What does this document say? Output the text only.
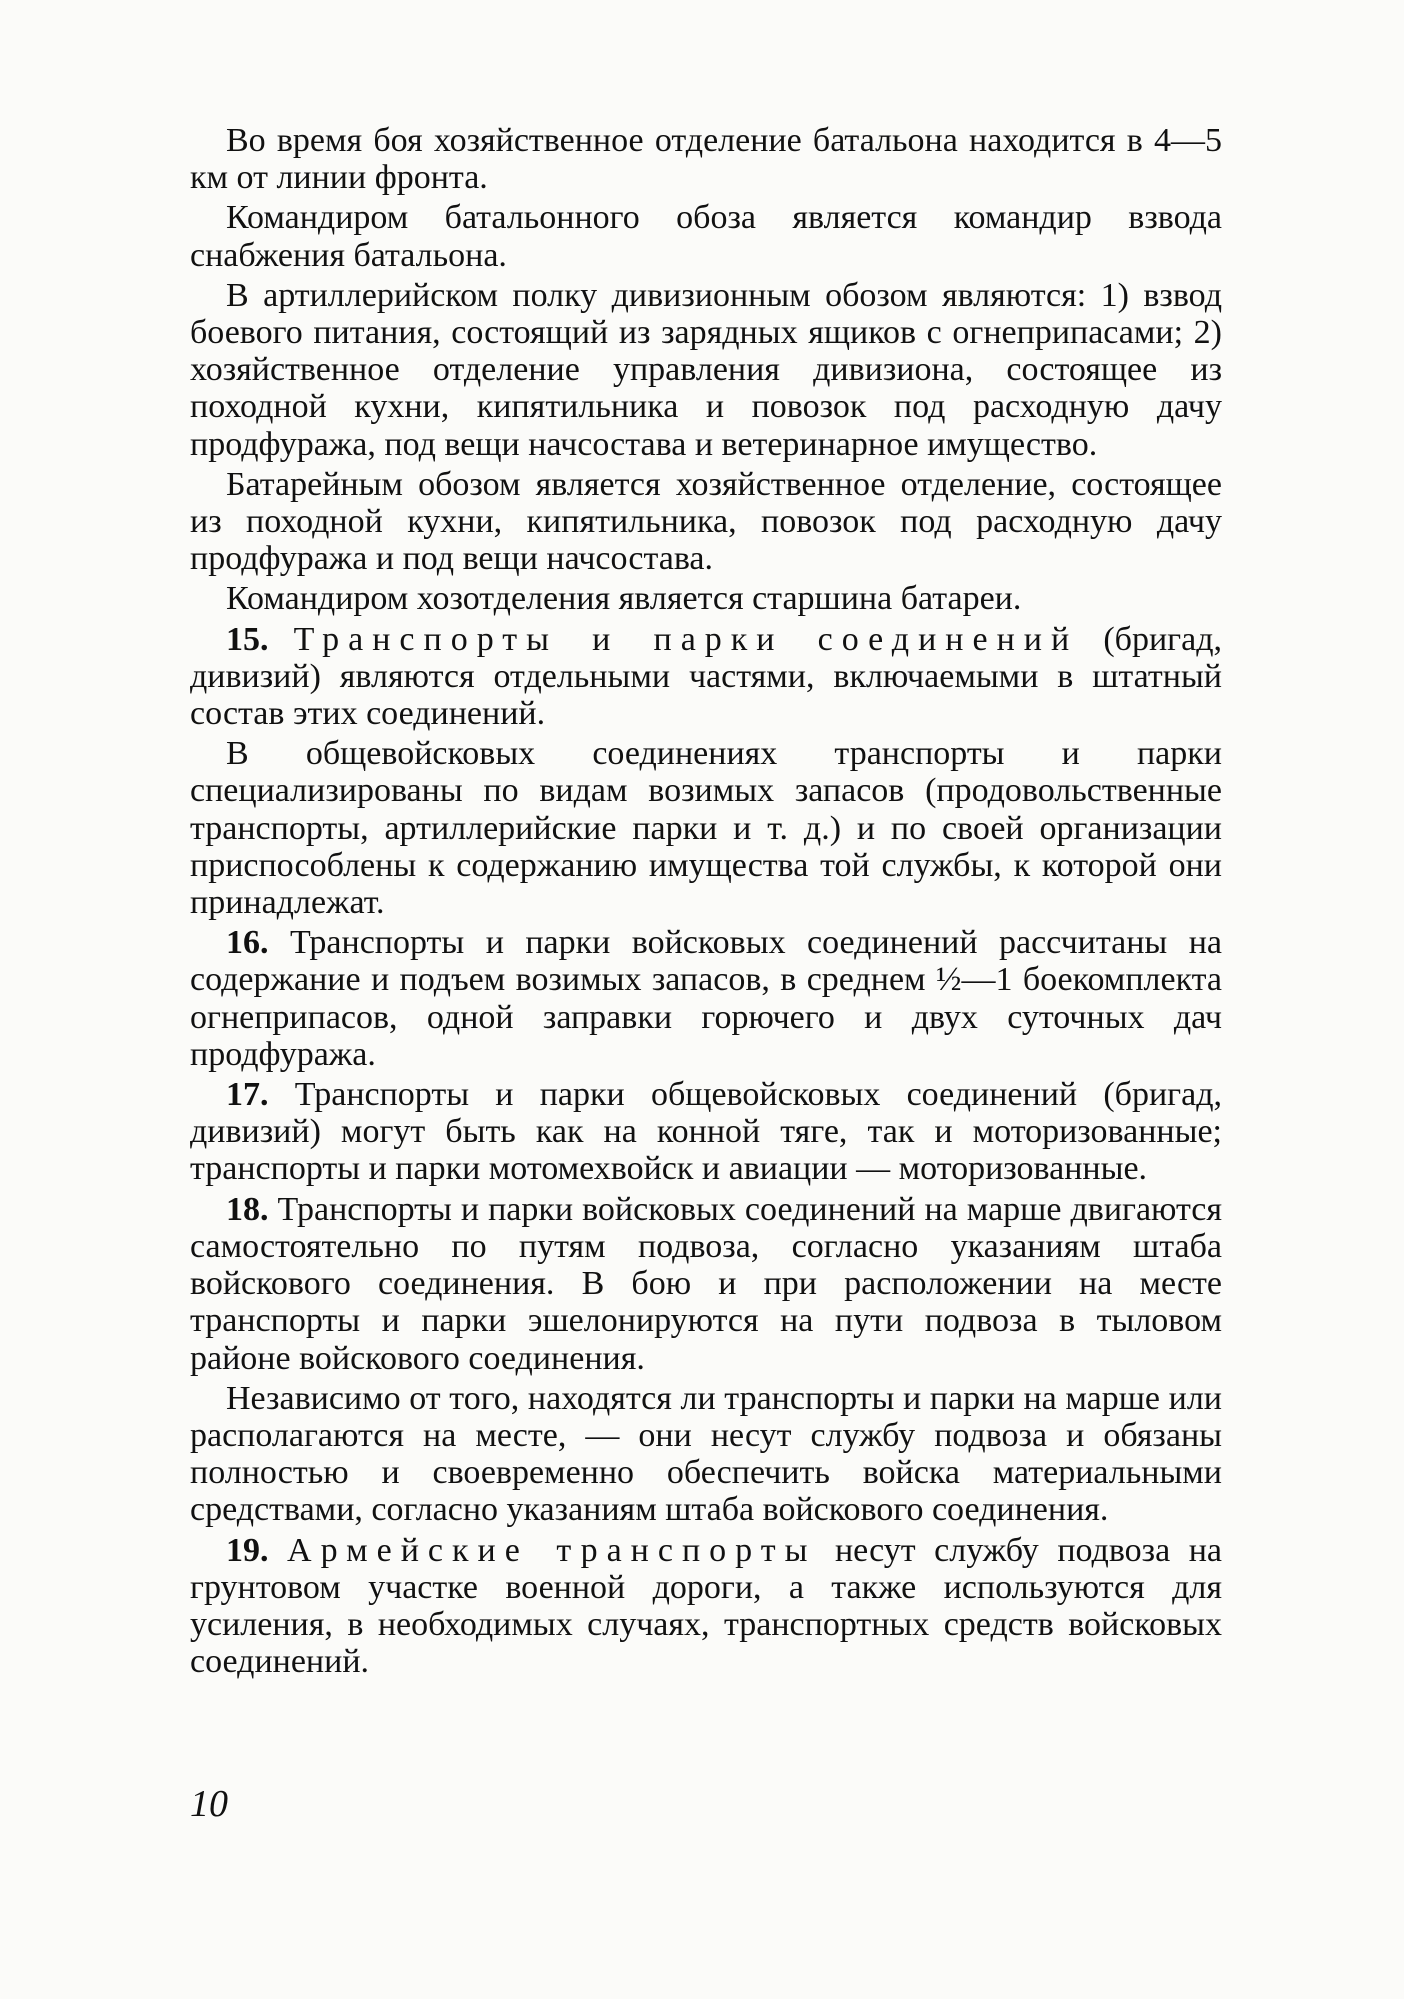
Во время боя хозяйственное отделение батальона находится в 4—5 км от линии фронта.

Командиром батальонного обоза является командир взвода снабжения батальона.

В артиллерийском полку дивизионным обозом являются: 1) взвод боевого питания, состоящий из зарядных ящиков с огнеприпасами; 2) хозяйственное отделение управления дивизиона, состоящее из походной кухни, кипятильника и повозок под расходную дачу продфуража, под вещи начсостава и ветеринарное имущество.

Батарейным обозом является хозяйственное отделение, состоящее из походной кухни, кипятильника, повозок под расходную дачу продфуража и под вещи начсостава.

Командиром хозотделения является старшина батареи.

15. Транспорты и парки соединений (бригад, дивизий) являются отдельными частями, включаемыми в штатный состав этих соединений.

В общевойсковых соединениях транспорты и парки специализированы по видам возимых запасов (продовольственные транспорты, артиллерийские парки и т. д.) и по своей организации приспособлены к содержанию имущества той службы, к которой они принадлежат.

16. Транспорты и парки войсковых соединений рассчитаны на содержание и подъем возимых запасов, в среднем ½—1 боекомплекта огнеприпасов, одной заправки горючего и двух суточных дач продфуража.

17. Транспорты и парки общевойсковых соединений (бригад, дивизий) могут быть как на конной тяге, так и моторизованные; транспорты и парки мотомехвойск и авиации — моторизованные.

18. Транспорты и парки войсковых соединений на марше двигаются самостоятельно по путям подвоза, согласно указаниям штаба войскового соединения. В бою и при расположении на месте транспорты и парки эшелонируются на пути подвоза в тыловом районе войскового соединения.

Независимо от того, находятся ли транспорты и парки на марше или располагаются на месте, — они несут службу подвоза и обязаны полностью и своевременно обеспечить войска материальными средствами, согласно указаниям штаба войскового соединения.

19. Армейские транспорты несут службу подвоза на грунтовом участке военной дороги, а также используются для усиления, в необходимых случаях, транспортных средств войсковых соединений.

10
